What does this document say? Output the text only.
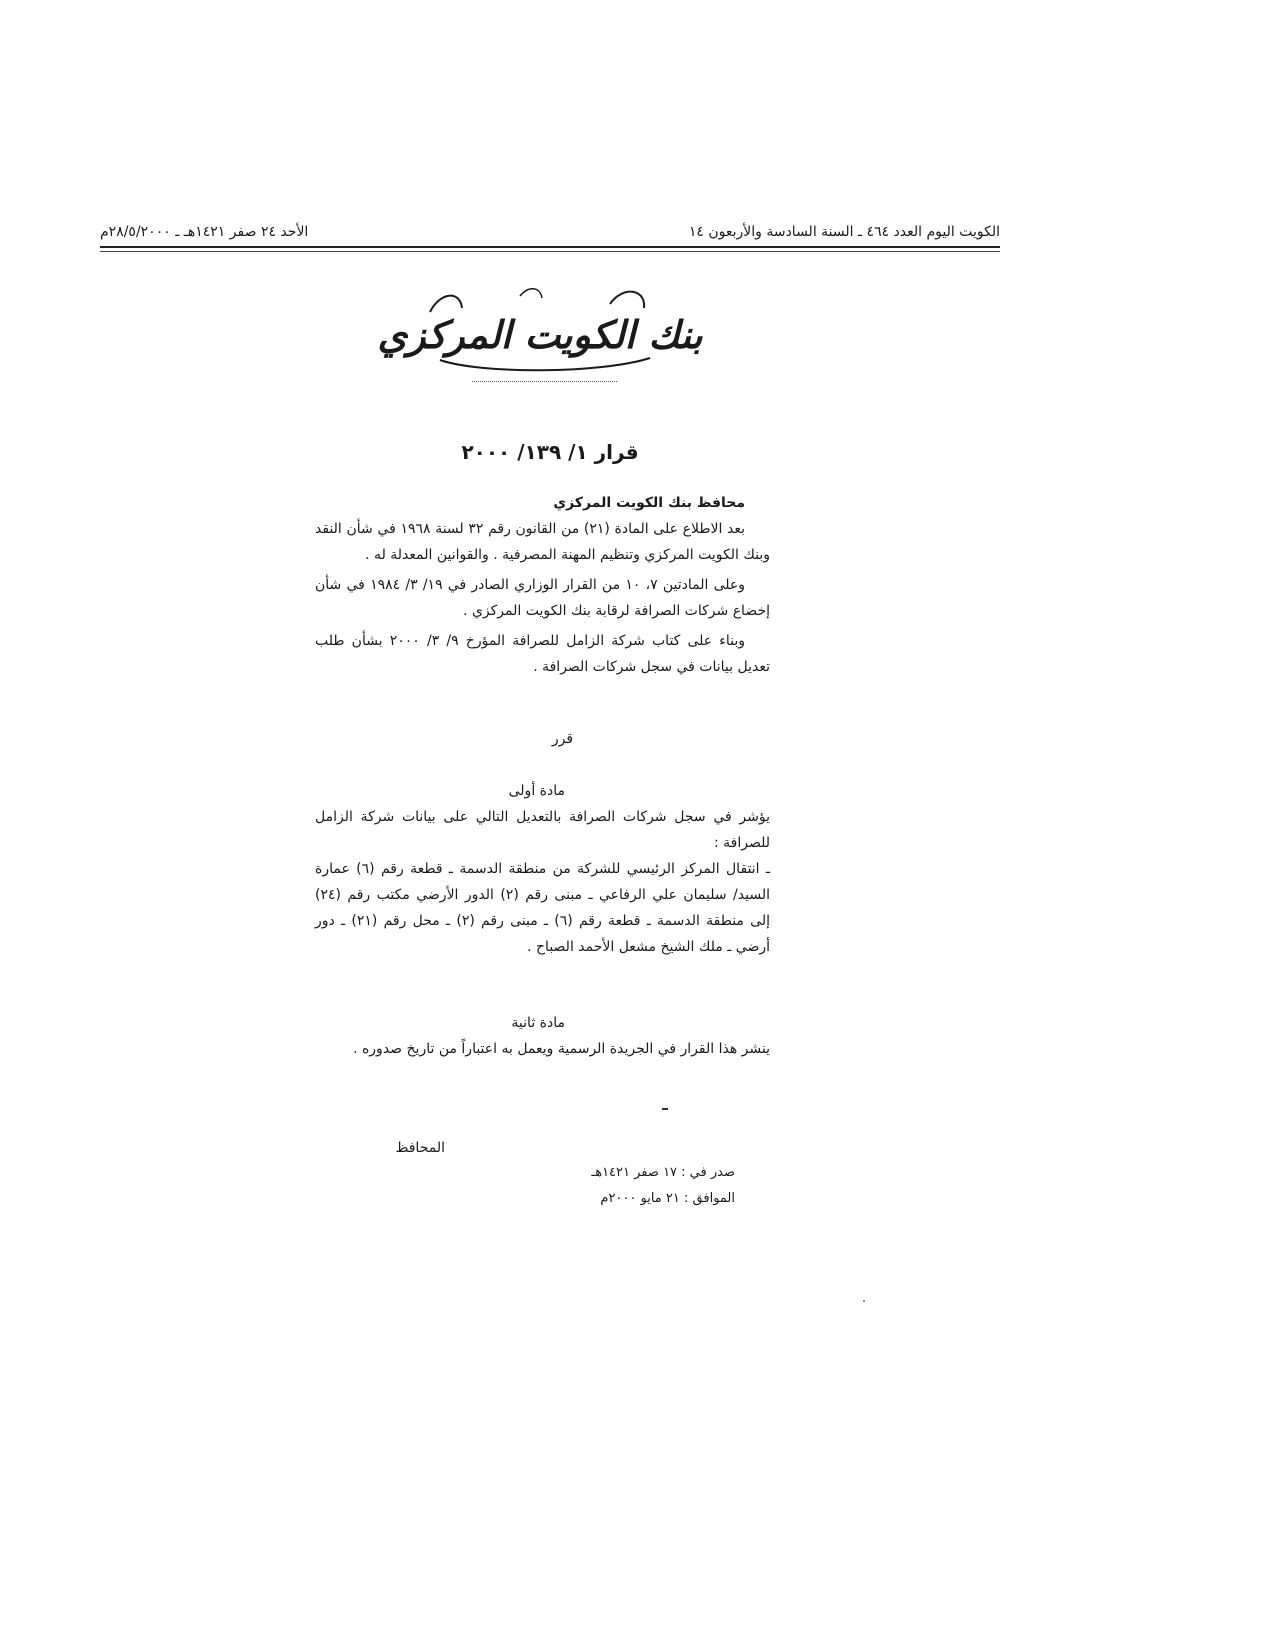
الأحد ٢٤ صفر ١٤٢١هـ ـ ٢٨/٥/٢٠٠٠م	الكويت اليوم العدد ٤٦٤ ـ السنة السادسة والأربعون ١٤
بنك الكويت المركزي
قرار ١/ ١٣٩/ ٢٠٠٠

محافظ بنك الكويت المركزي

بعد الاطلاع على المادة (٢١) من القانون رقم ٣٢ لسنة ١٩٦٨ في شأن النقد وبنك الكويت المركزي وتنظيم المهنة المصرفية . والقوانين المعدلة له .

وعلى المادتين ٧، ١٠ من القرار الوزاري الصادر في ١٩/ ٣/ ١٩٨٤ في شأن إخضاع شركات الصرافة لرقابة بنك الكويت المركزي .

وبناء على كتاب شركة الزامل للصرافة المؤرخ ٩/ ٣/ ٢٠٠٠ بشأن طلب تعديل بيانات في سجل شركات الصرافة .

قرر

مادة أولى

يؤشر في سجل شركات الصرافة بالتعديل التالي على بيانات شركة الزامل للصرافة :

ـ انتقال المركز الرئيسي للشركة من منطقة الدسمة ـ قطعة رقم (٦) عمارة السيد/ سليمان علي الرفاعي ـ مبنى رقم (٢) الدور الأرضي مكتب رقم (٢٤) إلى منطقة الدسمة ـ قطعة رقم (٦) ـ مبنى رقم (٢) ـ محل رقم (٢١) ـ دور أرضي ـ ملك الشيخ مشعل الأحمد الصباح .

مادة ثانية

ينشر هذا القرار في الجريدة الرسمية ويعمل به اعتباراً من تاريخ صدوره .

المحافظ
صدر في : ١٧ صفر ١٤٢١هـ
الموافق : ٢١ مايو ٢٠٠٠م
